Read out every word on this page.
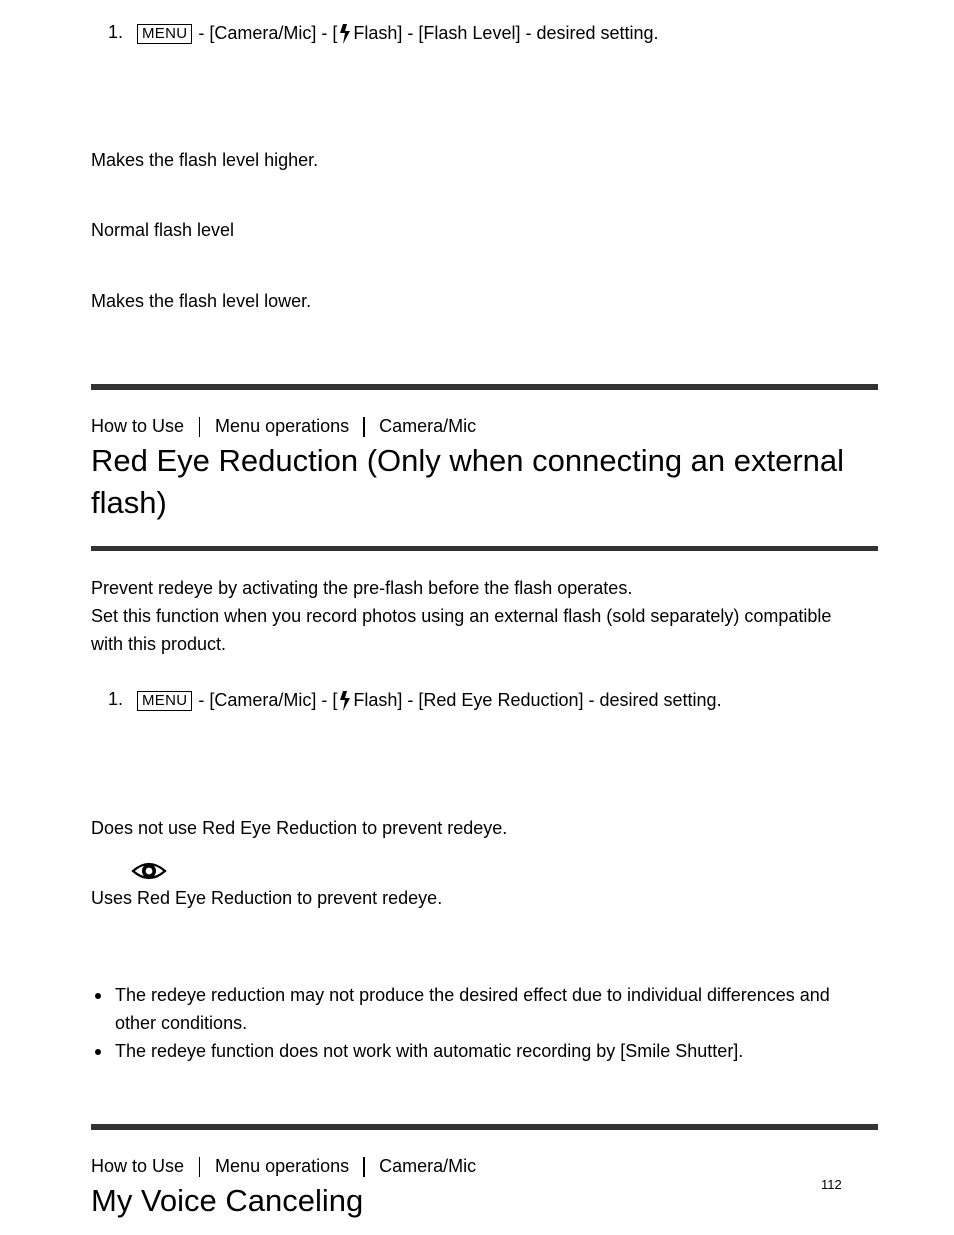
1.	MENU - [Camera/Mic] - [ Flash] - [Flash Level] - desired setting.
Makes the flash level higher.
Normal flash level
Makes the flash level lower.
How to Use Menu operations Camera/Mic
Red Eye Reduction (Only when connecting an external
flash)
Prevent redeye by activating the pre-flash before the flash operates.
Set this function when you record photos using an external flash (sold separately) compatible
with this product.
1.	MENU - [Camera/Mic] - [ Flash] - [Red Eye Reduction] - desired setting.
Does not use Red Eye Reduction to prevent redeye.
Uses Red Eye Reduction to prevent redeye.
The redeye reduction may not produce the desired effect due to individual differences and
other conditions.
The redeye function does not work with automatic recording by [Smile Shutter].
How to Use Menu operations Camera/Mic
My Voice Canceling	112
